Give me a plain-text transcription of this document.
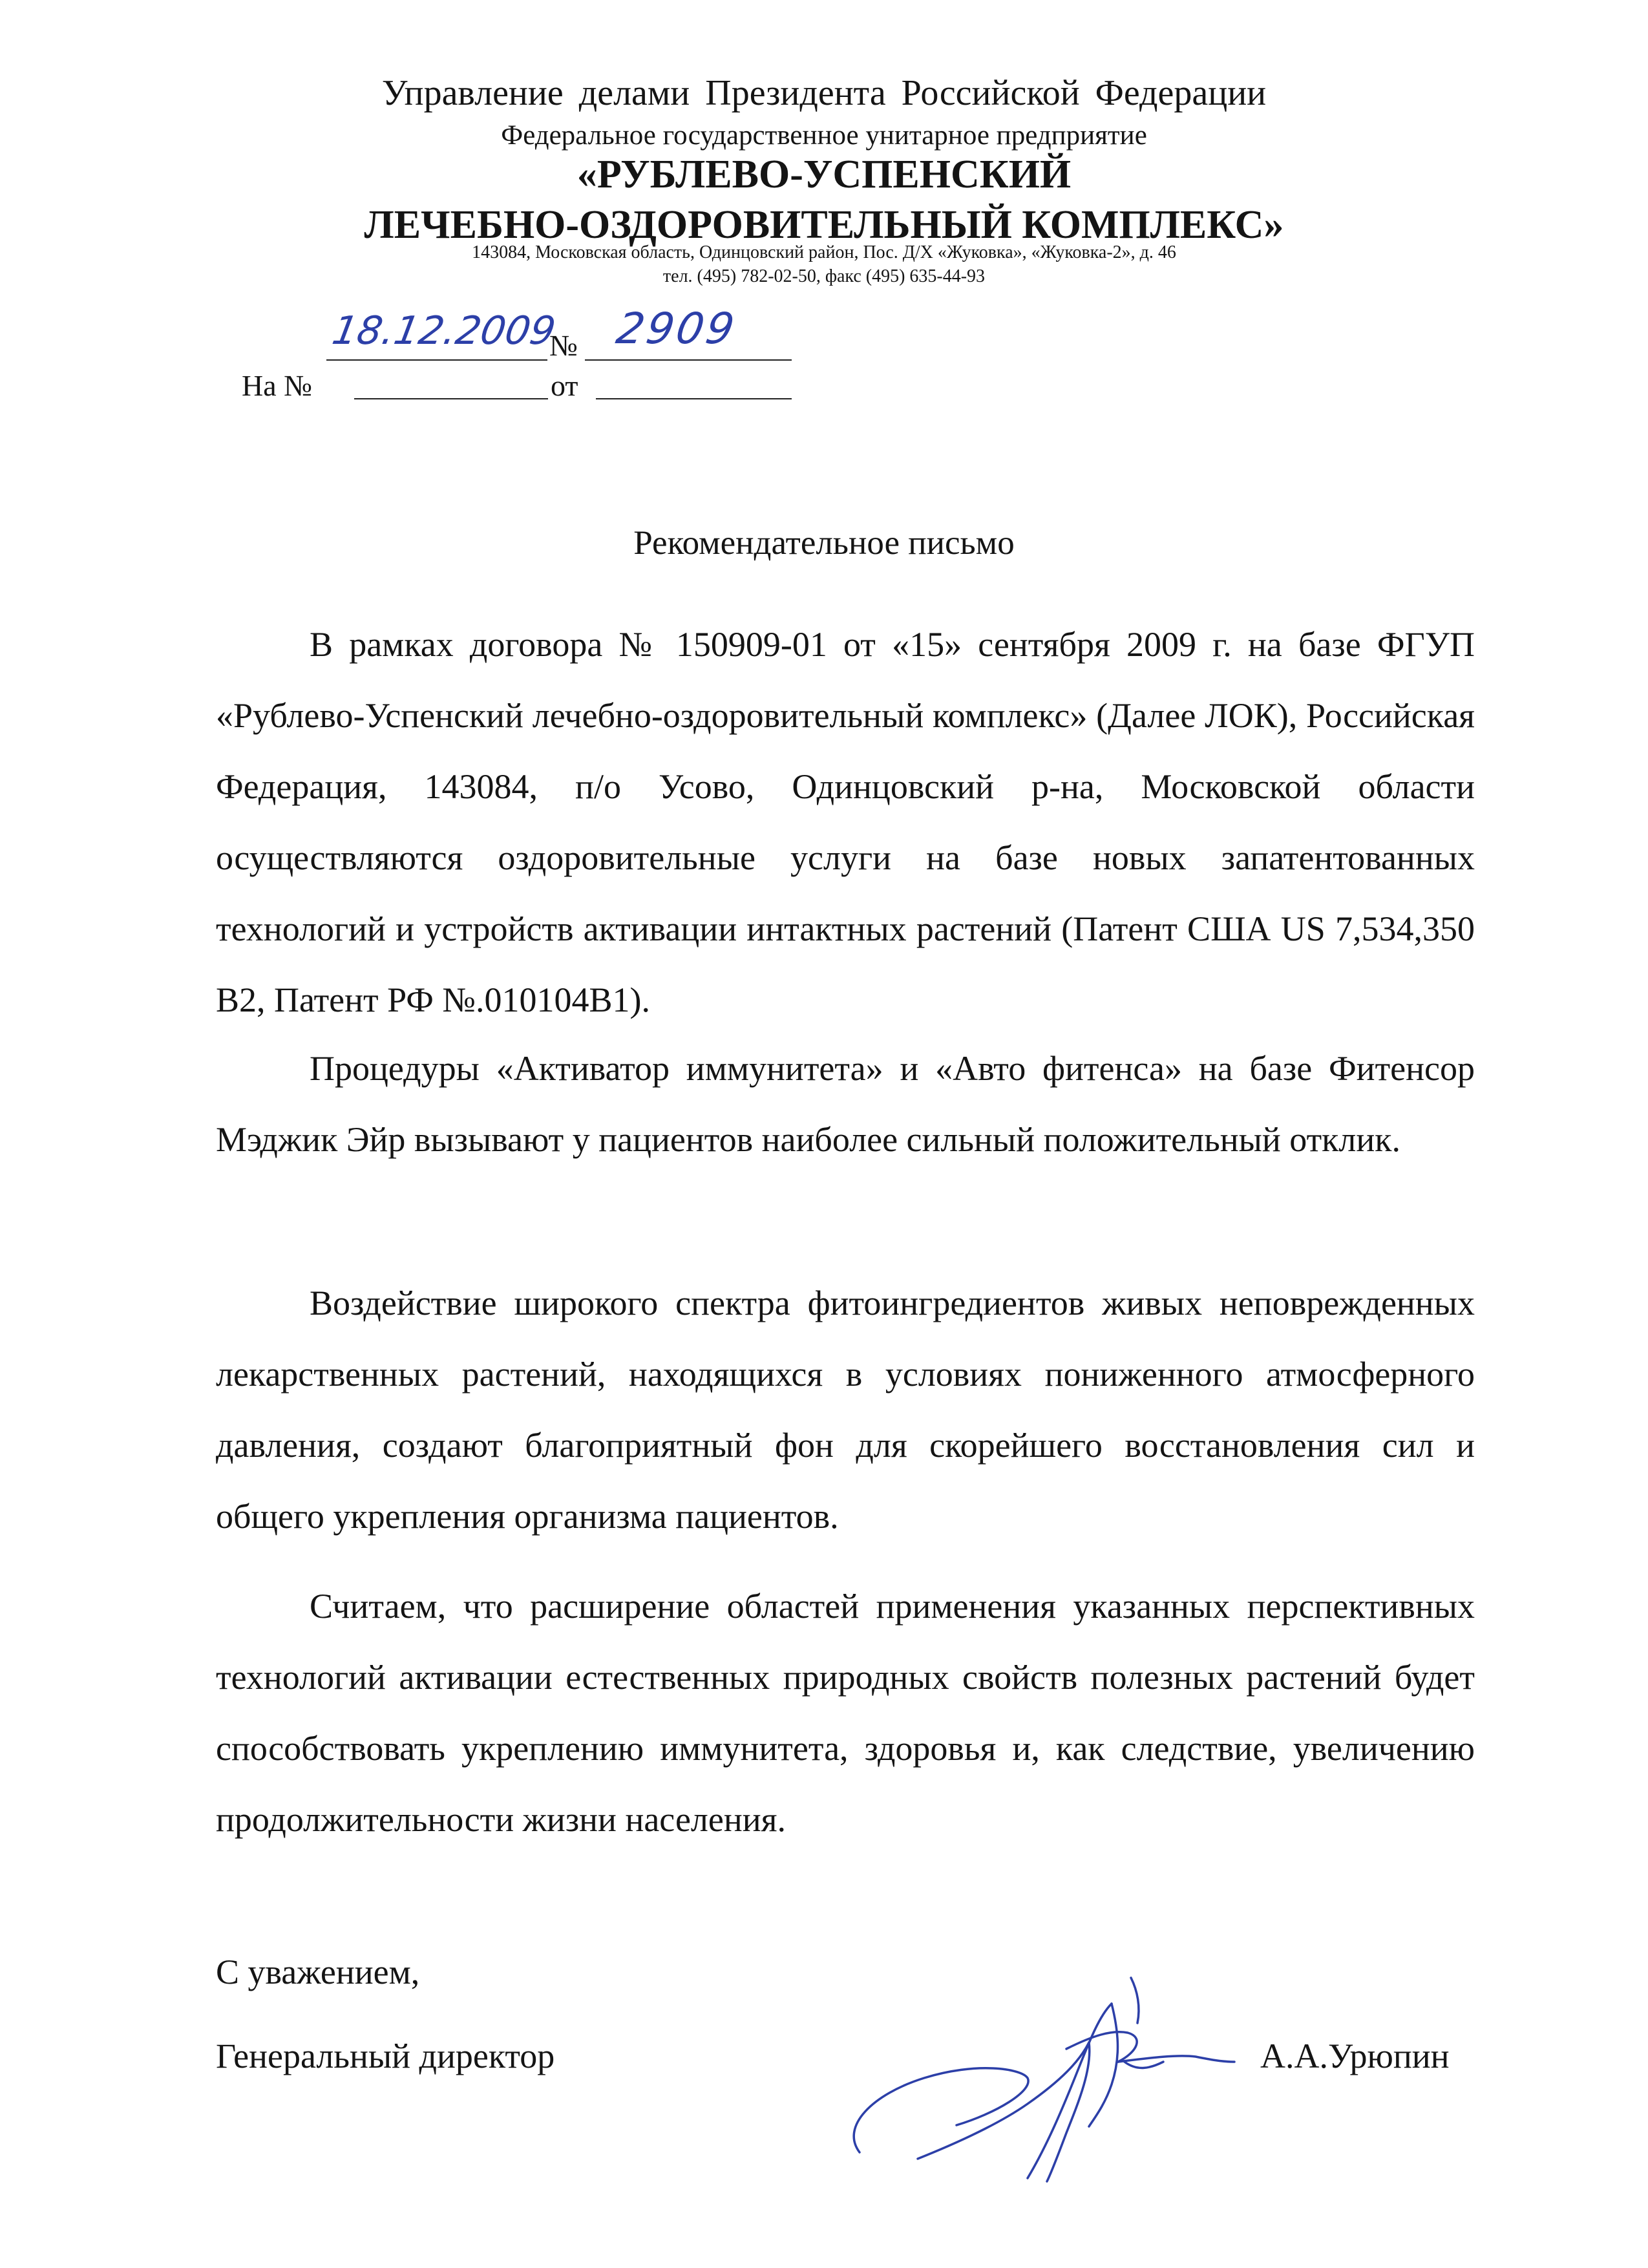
Управление делами Президента Российской Федерации
Федеральное государственное унитарное предприятие
«РУБЛЕВО-УСПЕНСКИЙ
ЛЕЧЕБНО-ОЗДОРОВИТЕЛЬНЫЙ КОМПЛЕКС»
143084, Московская область, Одинцовский район, Пос. Д/Х «Жуковка», «Жуковка-2», д. 46
тел. (495) 782-02-50, факс (495) 635-44-93
18.12.2009
№ 2909
На №	от
Рекомендательное письмо

В рамках договора № 150909-01 от «15» сентября 2009 г. на базе ФГУП «Рублево-Успенский лечебно-оздоровительный комплекс» (Далее ЛОК), Российская Федерация, 143084, п/о Усово, Одинцовский р-на, Московской области осуществляются оздоровительные услуги на базе новых запатентованных технологий и устройств активации интактных растений (Патент США US 7,534,350 B2, Патент РФ №.010104B1).

Процедуры «Активатор иммунитета» и «Авто фитенса» на базе Фитенсор Мэджик Эйр вызывают у пациентов наиболее сильный положительный отклик.

Воздействие широкого спектра фитоингредиентов живых неповрежденных лекарственных растений, находящихся в условиях пониженного атмосферного давления, создают благоприятный фон для скорейшего восстановления сил и общего укрепления организма пациентов.

Считаем, что расширение областей применения указанных перспективных технологий активации естественных природных свойств полезных растений будет способствовать укреплению иммунитета, здоровья и, как следствие, увеличению продолжительности жизни населения.

С уважением,
Генеральный директор	А.А.Урюпин
